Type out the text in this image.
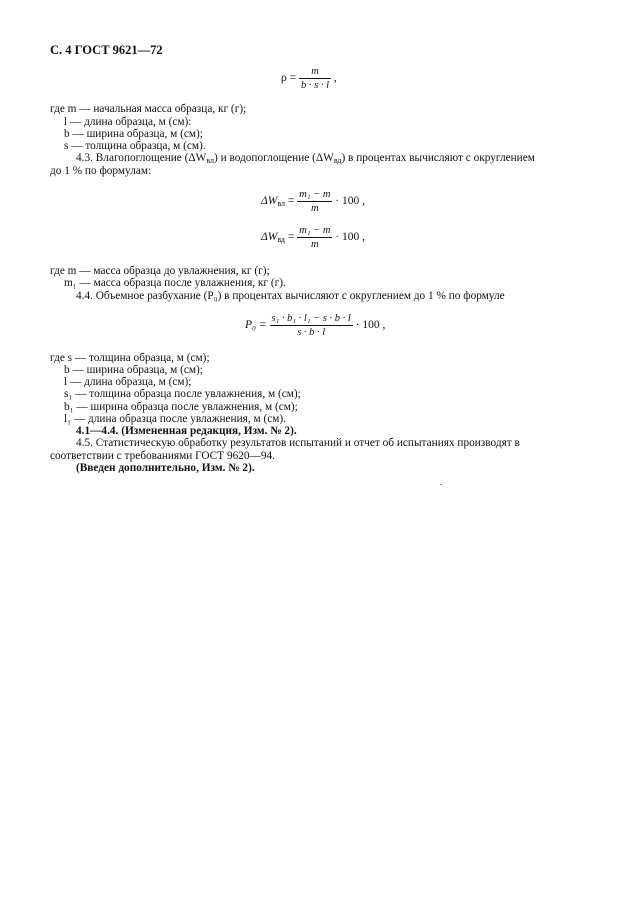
С. 4 ГОСТ 9621—72
$\rho = \frac{m}{b \cdot s \cdot l}$ ,
где m — начальная масса образца, кг (г);
l — длина образца, м (см):
b — ширина образца, м (см);
s — толщина образца, м (см).
4.3. Влагопоглощение $(\Delta W_{вл})$ и водопоглощение $(\Delta W_{вд})$ в процентах вычисляют с округлением
до 1 % по формулам:
$\Delta W_{вл} = \frac{\text{m₁ − m}}{m} \cdot 100$ ,
$\Delta W_{вд} = \frac{\text{m₁ − m}}{m} \cdot 100$ ,
где m — масса образца до увлажнения, кг (г);
m₁ — масса образца после увлажнения, кг (г).
4.4. Объемное разбухание (P₀) в процентах вычисляют с округлением до 1 % по формуле
$P_0 = \frac{\text{s₁ · b₁ · l₁ − s · b · l}}{s \cdot b \cdot l} \cdot 100$ ,
где s — толщина образца, м (см);
b — ширина образца, м (см);
l — длина образца, м (см);
s₁ — толщина образца после увлажнения, м (см);
b₁ — ширина образца после увлажнения, м (см);
l₁ — длина образца после увлажнения, м (см).
4.1—4.4. (Измененная редакция, Изм. № 2).
4.5. Статистическую обработку результатов испытаний и отчет об испытаниях производят в
соответствии с требованиями ГОСТ 9620—94.
(Введен дополнительно, Изм. № 2).
